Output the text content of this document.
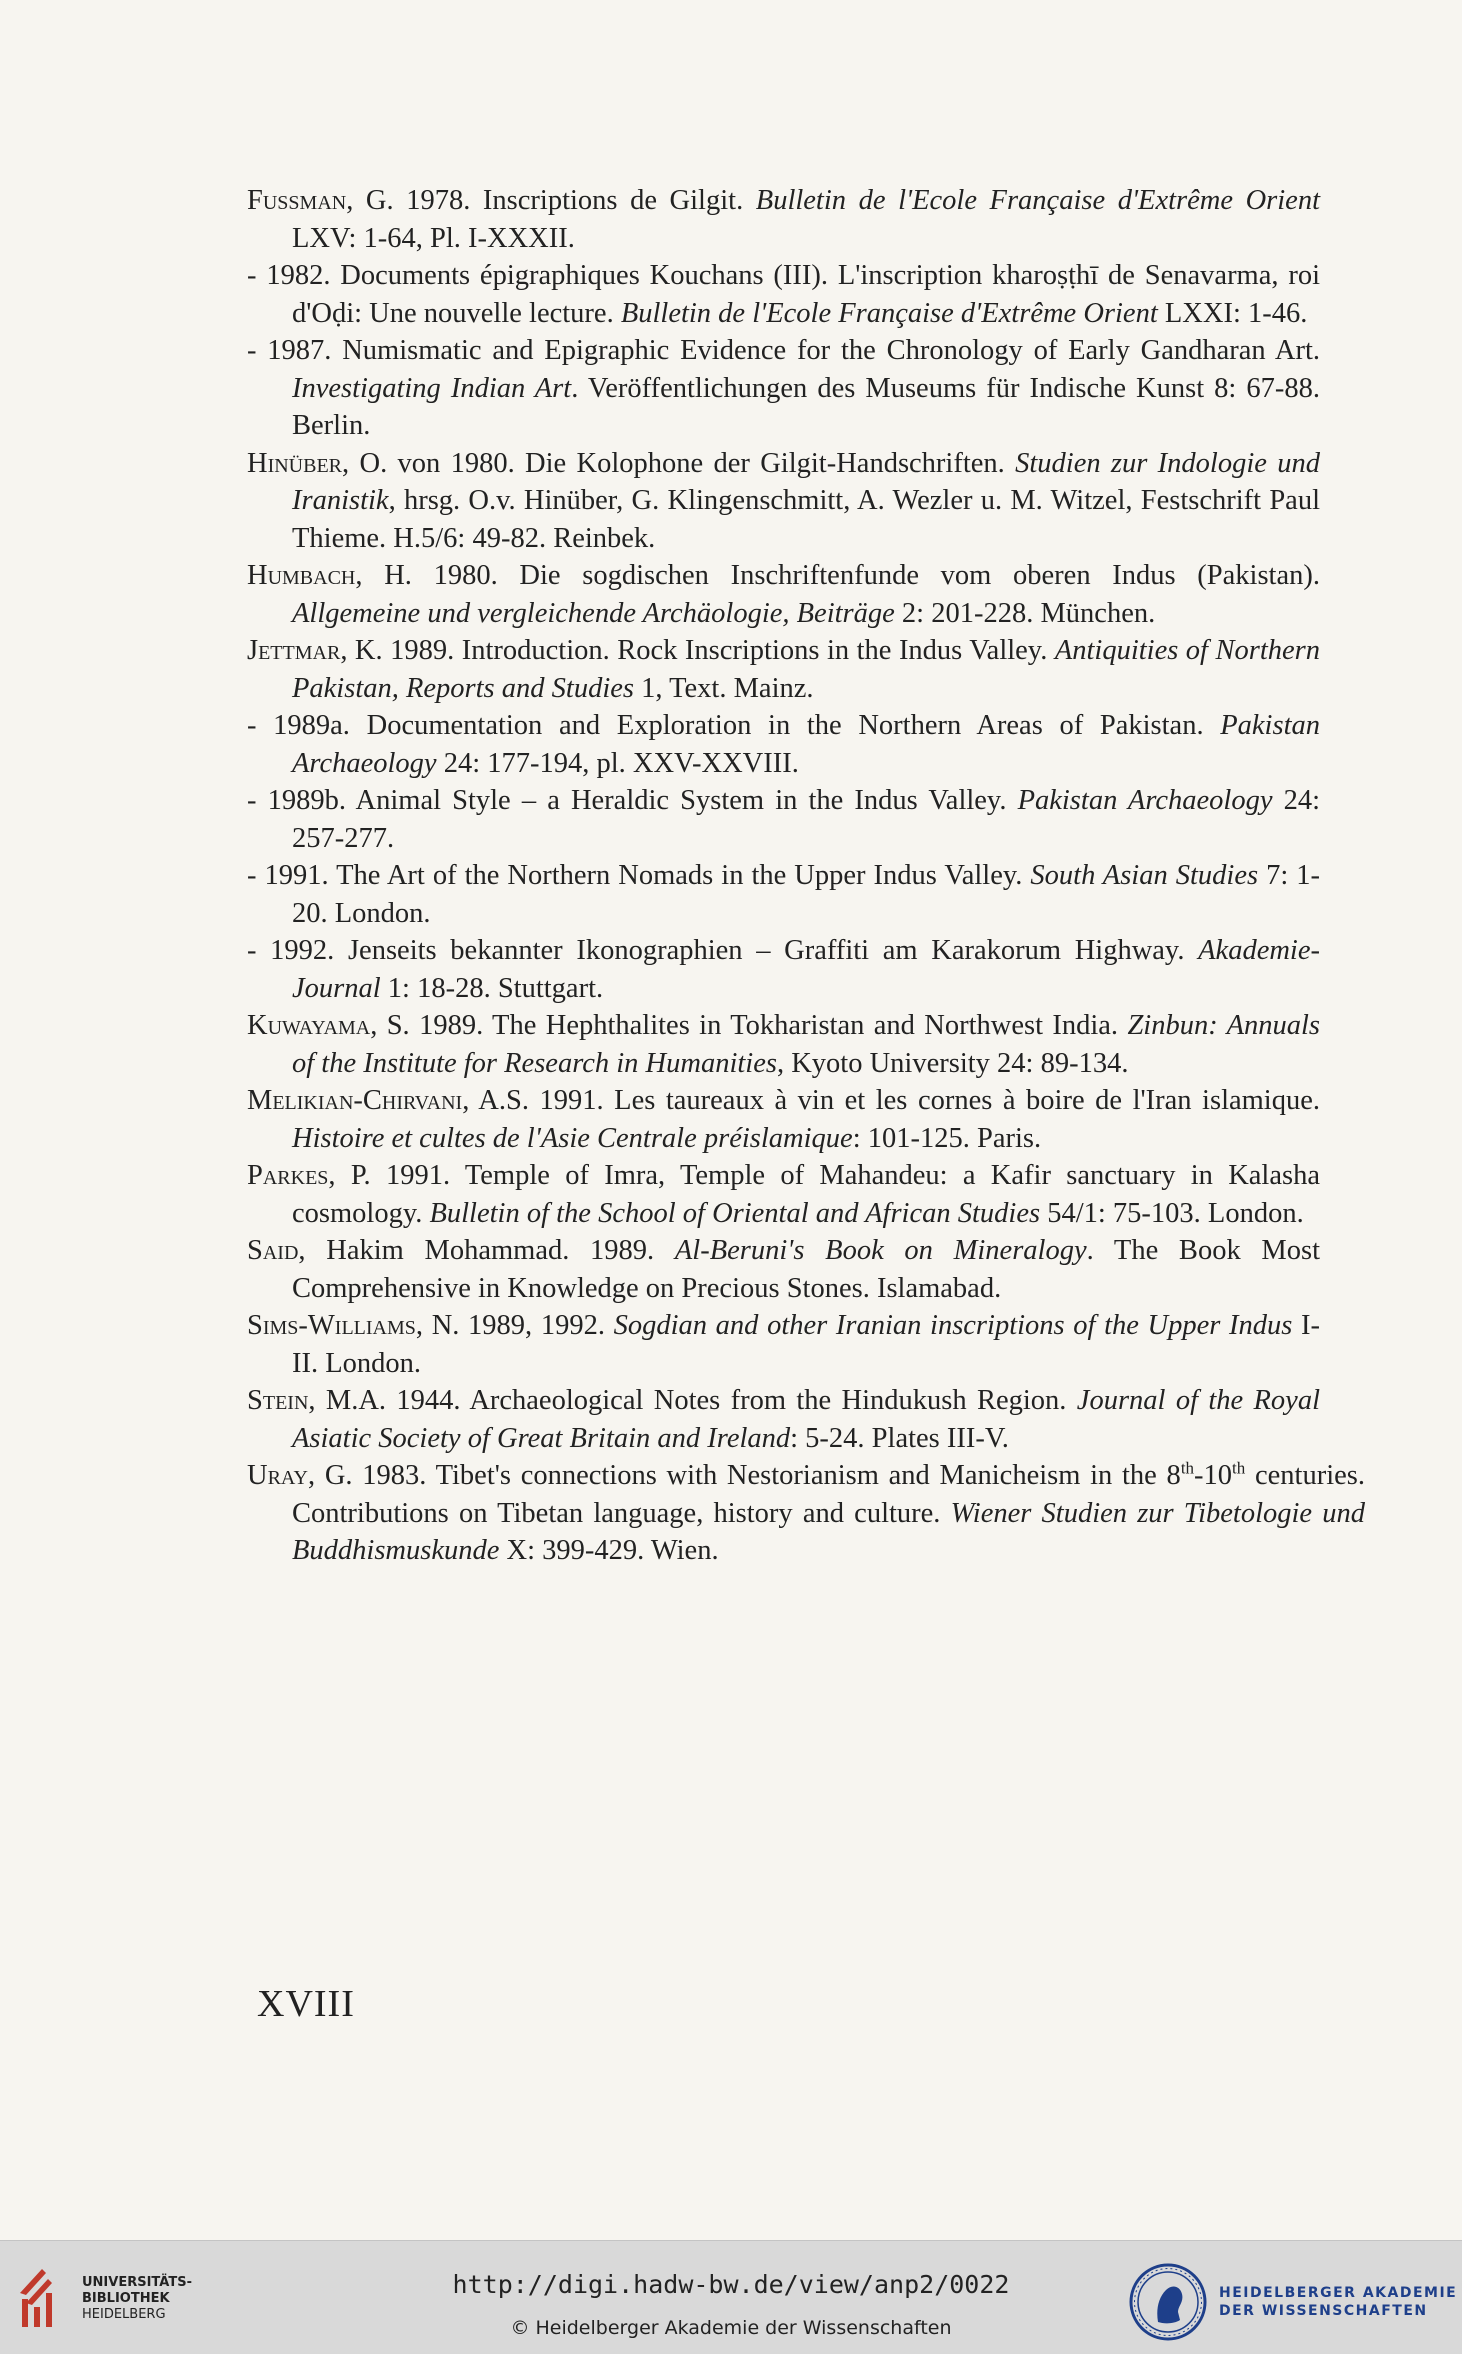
Fussman, G. 1978. Inscriptions de Gilgit. Bulletin de l'Ecole Française d'Extrême Orient LXV: 1-64, Pl. I-XXXII.

- 1982. Documents épigraphiques Kouchans (III). L'inscription kharoṣṭhī de Senavarma, roi d'Oḍi: Une nouvelle lecture. Bulletin de l'Ecole Française d'Extrême Orient LXXI: 1-46.

- 1987. Numismatic and Epigraphic Evidence for the Chronology of Early Gandharan Art. Investigating Indian Art. Veröffentlichungen des Museums für Indische Kunst 8: 67-88. Berlin.

Hinüber, O. von 1980. Die Kolophone der Gilgit-Handschriften. Studien zur Indologie und Iranistik, hrsg. O.v. Hinüber, G. Klingenschmitt, A. Wezler u. M. Witzel, Festschrift Paul Thieme. H.5/6: 49-82. Reinbek.

Humbach, H. 1980. Die sogdischen Inschriftenfunde vom oberen Indus (Pakistan). Allgemeine und vergleichende Archäologie, Beiträge 2: 201-228. München.

Jettmar, K. 1989. Introduction. Rock Inscriptions in the Indus Valley. Antiquities of Northern Pakistan, Reports and Studies 1, Text. Mainz.

- 1989a. Documentation and Exploration in the Northern Areas of Pakistan. Pakistan Archaeology 24: 177-194, pl. XXV-XXVIII.

- 1989b. Animal Style – a Heraldic System in the Indus Valley. Pakistan Archaeology 24: 257-277.

- 1991. The Art of the Northern Nomads in the Upper Indus Valley. South Asian Studies 7: 1-20. London.

- 1992. Jenseits bekannter Ikonographien – Graffiti am Karakorum Highway. Akademie-Journal 1: 18-28. Stuttgart.

Kuwayama, S. 1989. The Hephthalites in Tokharistan and Northwest India. Zinbun: Annuals of the Institute for Research in Humanities, Kyoto University 24: 89-134.

Melikian-Chirvani, A.S. 1991. Les taureaux à vin et les cornes à boire de l'Iran islamique. Histoire et cultes de l'Asie Centrale préislamique: 101-125. Paris.

Parkes, P. 1991. Temple of Imra, Temple of Mahandeu: a Kafir sanctuary in Kalasha cosmology. Bulletin of the School of Oriental and African Studies 54/1: 75-103. London.

Said, Hakim Mohammad. 1989. Al-Beruni's Book on Mineralogy. The Book Most Comprehensive in Knowledge on Precious Stones. Islamabad.

Sims-Williams, N. 1989, 1992. Sogdian and other Iranian inscriptions of the Upper Indus I-II. London.

Stein, M.A. 1944. Archaeological Notes from the Hindukush Region. Journal of the Royal Asiatic Society of Great Britain and Ireland: 5-24. Plates III-V.

Uray, G. 1983. Tibet's connections with Nestorianism and Manicheism in the 8th-10th centuries. Contributions on Tibetan language, history and culture. Wiener Studien zur Tibetologie und Buddhismuskunde X: 399-429. Wien.

XVIII
UNIVERSITÄTS-
BIBLIOTHEK
HEIDELBERG
http://digi.hadw-bw.de/view/anp2/0022
© Heidelberger Akademie der Wissenschaften
HEIDELBERGER AKADEMIE
DER WISSENSCHAFTEN
